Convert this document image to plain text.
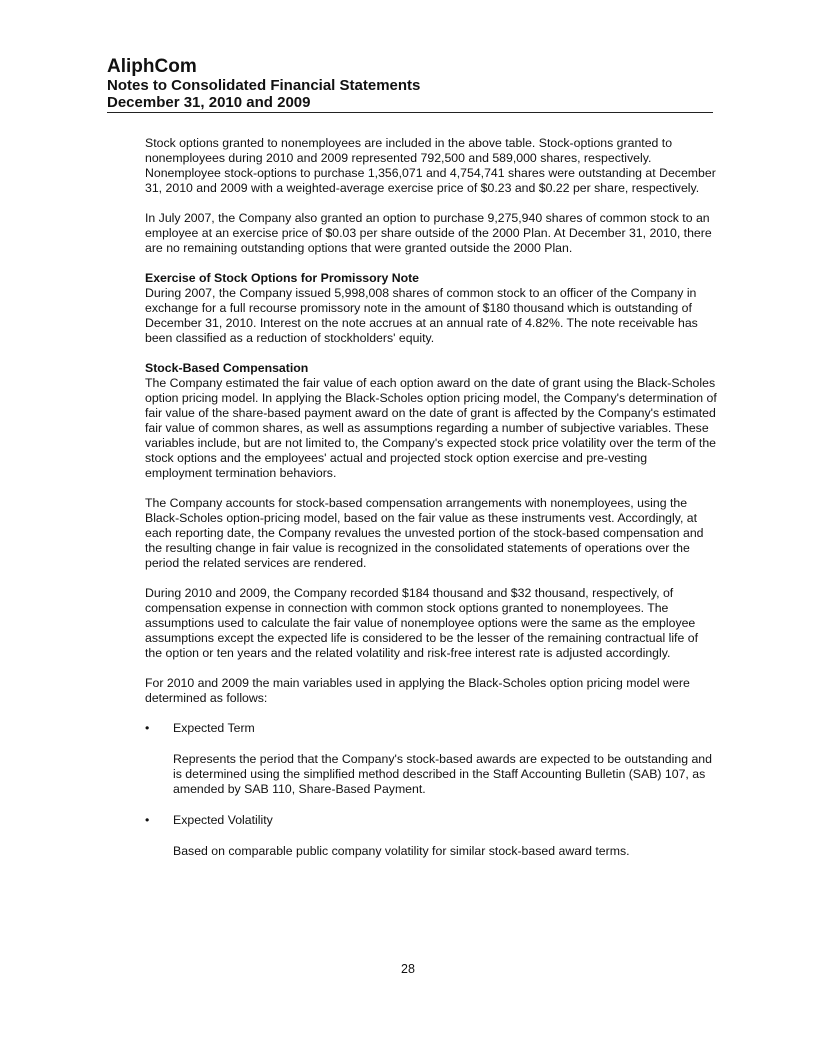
AliphCom
Notes to Consolidated Financial Statements
December 31, 2010 and 2009

Stock options granted to nonemployees are included in the above table. Stock-options granted to nonemployees during 2010 and 2009 represented 792,500 and 589,000 shares, respectively. Nonemployee stock-options to purchase 1,356,071 and 4,754,741 shares were outstanding at December 31, 2010 and 2009 with a weighted-average exercise price of $0.23 and $0.22 per share, respectively.

In July 2007, the Company also granted an option to purchase 9,275,940 shares of common stock to an employee at an exercise price of $0.03 per share outside of the 2000 Plan. At December 31, 2010, there are no remaining outstanding options that were granted outside the 2000 Plan.

Exercise of Stock Options for Promissory Note
During 2007, the Company issued 5,998,008 shares of common stock to an officer of the Company in exchange for a full recourse promissory note in the amount of $180 thousand which is outstanding of December 31, 2010. Interest on the note accrues at an annual rate of 4.82%. The note receivable has been classified as a reduction of stockholders' equity.
Stock-Based Compensation
The Company estimated the fair value of each option award on the date of grant using the Black-Scholes option pricing model. In applying the Black-Scholes option pricing model, the Company's determination of fair value of the share-based payment award on the date of grant is affected by the Company's estimated fair value of common shares, as well as assumptions regarding a number of subjective variables. These variables include, but are not limited to, the Company's expected stock price volatility over the term of the stock options and the employees' actual and projected stock option exercise and pre-vesting employment termination behaviors.

The Company accounts for stock-based compensation arrangements with nonemployees, using the Black-Scholes option-pricing model, based on the fair value as these instruments vest. Accordingly, at each reporting date, the Company revalues the unvested portion of the stock-based compensation and the resulting change in fair value is recognized in the consolidated statements of operations over the period the related services are rendered.

During 2010 and 2009, the Company recorded $184 thousand and $32 thousand, respectively, of compensation expense in connection with common stock options granted to nonemployees. The assumptions used to calculate the fair value of nonemployee options were the same as the employee assumptions except the expected life is considered to be the lesser of the remaining contractual life of the option or ten years and the related volatility and risk-free interest rate is adjusted accordingly.

For 2010 and 2009 the main variables used in applying the Black-Scholes option pricing model were determined as follows:

• Expected Term
Represents the period that the Company's stock-based awards are expected to be outstanding and is determined using the simplified method described in the Staff Accounting Bulletin (SAB) 107, as amended by SAB 110, Share-Based Payment.
• Expected Volatility
Based on comparable public company volatility for similar stock-based award terms.
28
